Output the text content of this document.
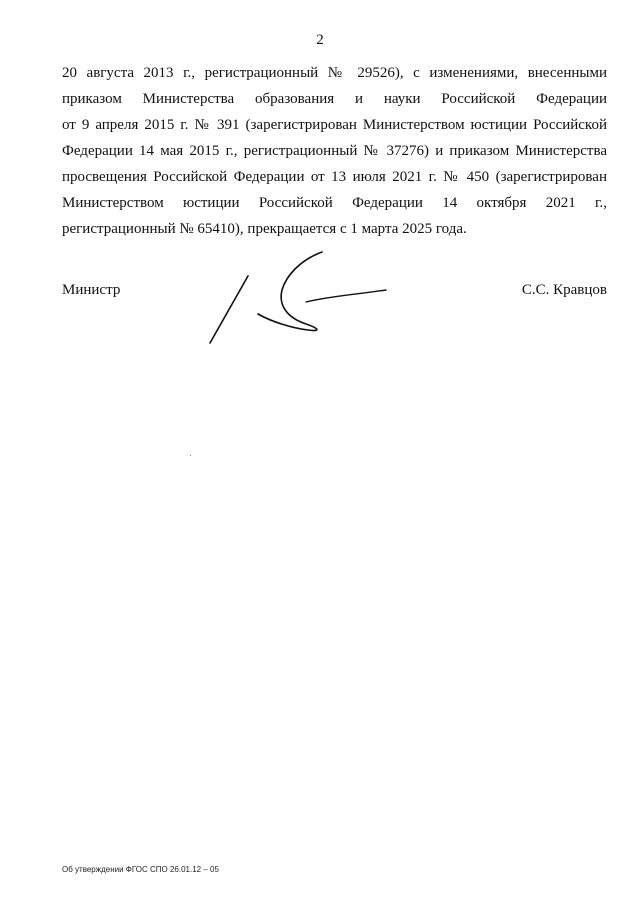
2
20 августа 2013 г., регистрационный № 29526), с изменениями, внесенными
приказом Министерства образования и науки Российской Федерации
от 9 апреля 2015 г. № 391 (зарегистрирован Министерством юстиции Российской
Федерации 14 мая 2015 г., регистрационный № 37276) и приказом Министерства
просвещения Российской Федерации от 13 июля 2021 г. № 450 (зарегистрирован
Министерством юстиции Российской Федерации 14 октября 2021 г.,
регистрационный № 65410), прекращается с 1 марта 2025 года.
Министр	С.С. Кравцов
Об утверждении ФГОС СПО 26.01.12 – 05
